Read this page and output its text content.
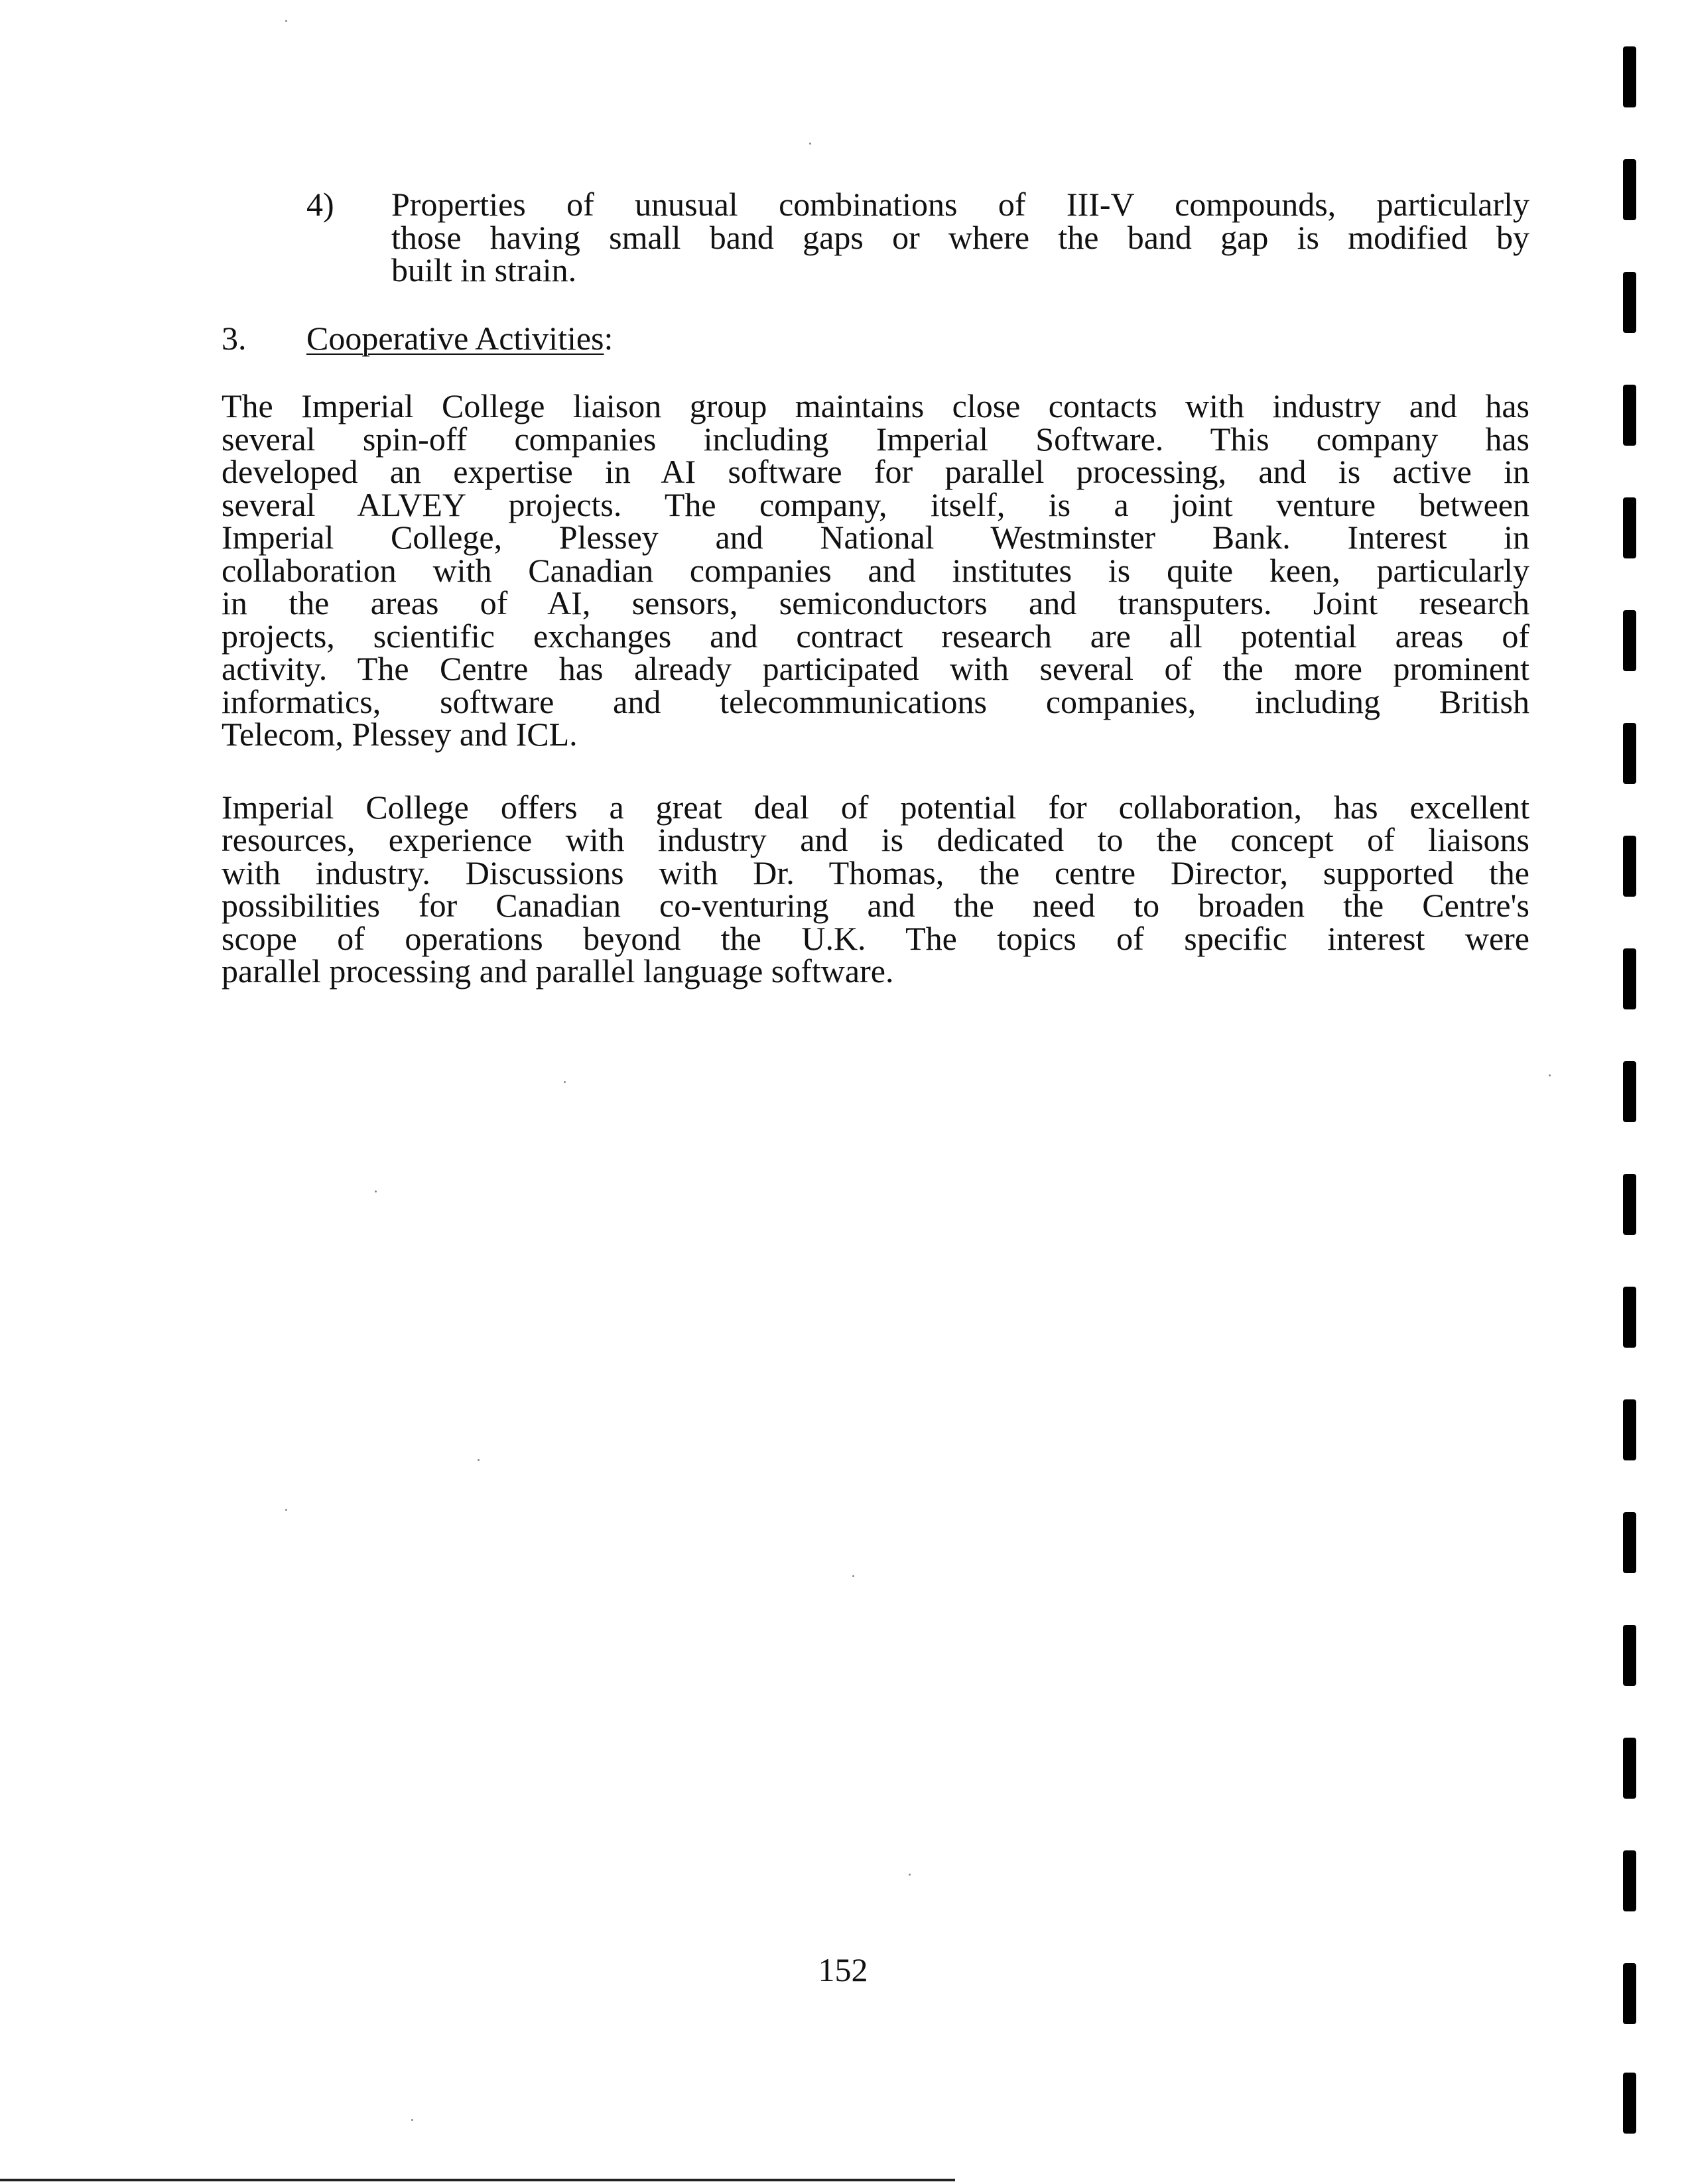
4) Properties of unusual combinations of III-V compounds, particularly
those having small band gaps or where the band gap is modified by
built in strain.
3. Cooperative Activities:
The Imperial College liaison group maintains close contacts with industry and has
several spin-off companies including Imperial Software. This company has
developed an expertise in AI software for parallel processing, and is active in
several ALVEY projects. The company, itself, is a joint venture between
Imperial College, Plessey and National Westminster Bank. Interest in
collaboration with Canadian companies and institutes is quite keen, particularly
in the areas of AI, sensors, semiconductors and transputers. Joint research
projects, scientific exchanges and contract research are all potential areas of
activity. The Centre has already participated with several of the more prominent
informatics, software and telecommunications companies, including British
Telecom, Plessey and ICL.
Imperial College offers a great deal of potential for collaboration, has excellent
resources, experience with industry and is dedicated to the concept of liaisons
with industry. Discussions with Dr. Thomas, the centre Director, supported the
possibilities for Canadian co-venturing and the need to broaden the Centre's
scope of operations beyond the U.K. The topics of specific interest were
parallel processing and parallel language software.
152
